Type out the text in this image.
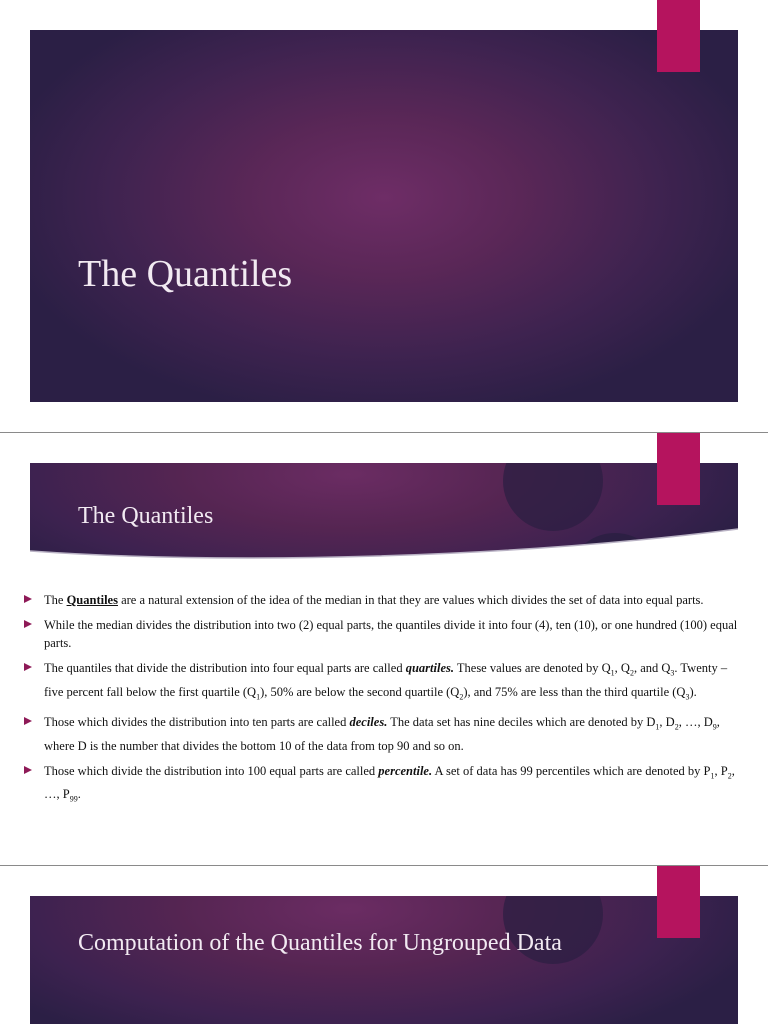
The Quantiles
The Quantiles
The Quantiles are a natural extension of the idea of the median in that they are values which divides the set of data into equal parts.
While the median divides the distribution into two (2) equal parts, the quantiles divide it into four (4), ten (10), or one hundred (100) equal parts.
The quantiles that divide the distribution into four equal parts are called quartiles. These values are denoted by $Q_1$, $Q_2$, and $Q_3$. Twenty – five percent fall below the first quartile $(Q_1)$, 50% are below the second quartile $(Q_2)$, and 75% are less than the third quartile $(Q_3)$.
Those which divides the distribution into ten parts are called deciles. The data set has nine deciles which are denoted by $D_1$, $D_2$, …, $D_9$, where D is the number that divides the bottom 10 of the data from top 90 and so on.
Those which divide the distribution into 100 equal parts are called percentile. A set of data has 99 percentiles which are denoted by $P_1$, $P_2$, …, $P_{99}$.
Computation of the Quantiles for Ungrouped Data
